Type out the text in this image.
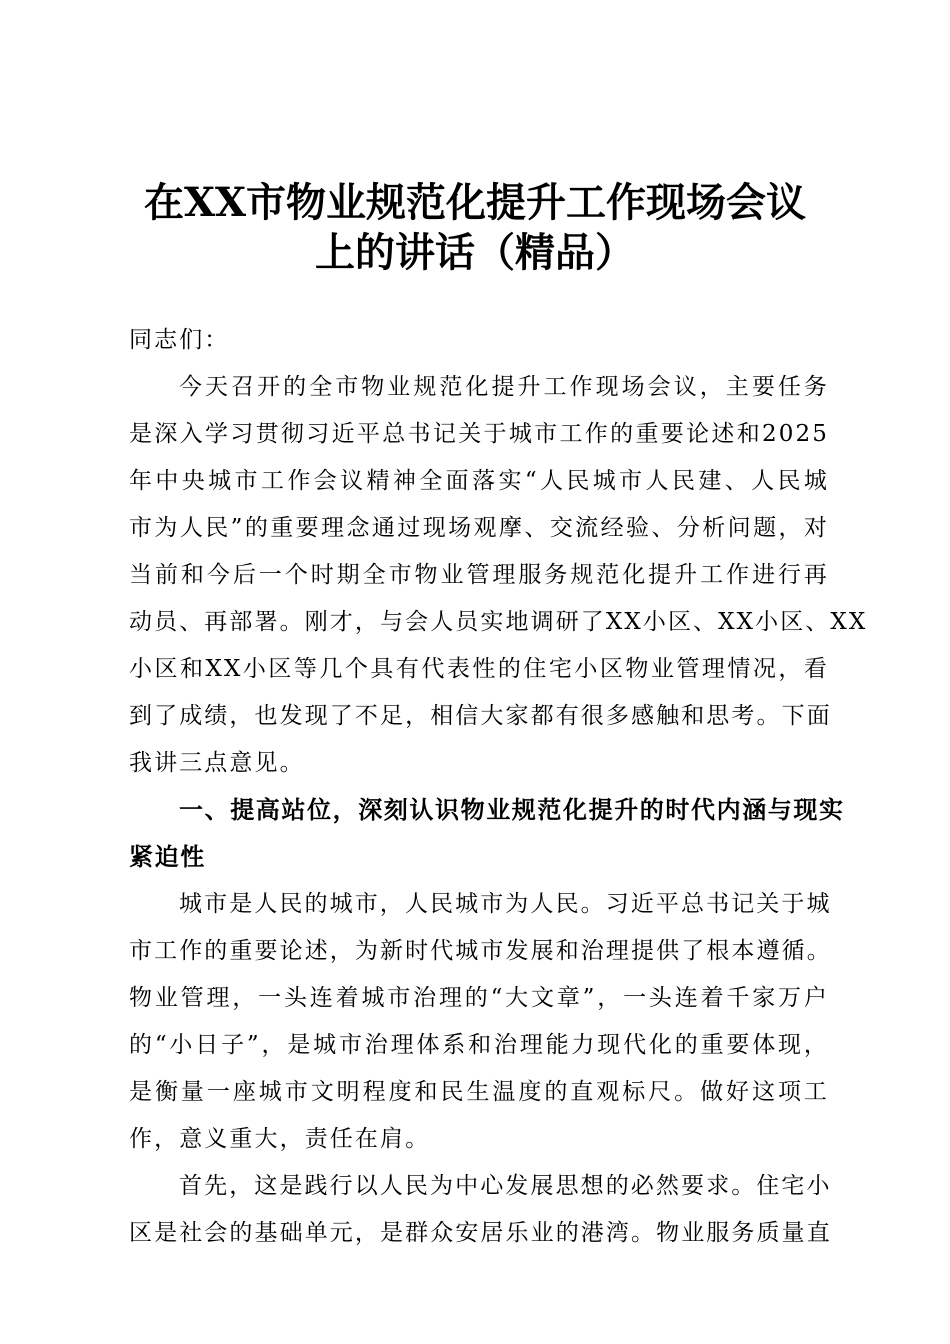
在XX市物业规范化提升工作现场会议
上的讲话（精品）
同志们：
今天召开的全市物业规范化提升工作现场会议，主要任务
是深入学习贯彻习近平总书记关于城市工作的重要论述和2025
年中央城市工作会议精神全面落实“人民城市人民建、人民城
市为人民”的重要理念通过现场观摩、交流经验、分析问题，对
当前和今后一个时期全市物业管理服务规范化提升工作进行再
动员、再部署。刚才，与会人员实地调研了XX小区、XX小区、XX
小区和XX小区等几个具有代表性的住宅小区物业管理情况，看
到了成绩，也发现了不足，相信大家都有很多感触和思考。下面
我讲三点意见。
一、提高站位，深刻认识物业规范化提升的时代内涵与现实
紧迫性
城市是人民的城市，人民城市为人民。习近平总书记关于城
市工作的重要论述，为新时代城市发展和治理提供了根本遵循。
物业管理，一头连着城市治理的“大文章”，一头连着千家万户
的“小日子”，是城市治理体系和治理能力现代化的重要体现，
是衡量一座城市文明程度和民生温度的直观标尺。做好这项工
作，意义重大，责任在肩。
首先，这是践行以人民为中心发展思想的必然要求。住宅小
区是社会的基础单元，是群众安居乐业的港湾。物业服务质量直
